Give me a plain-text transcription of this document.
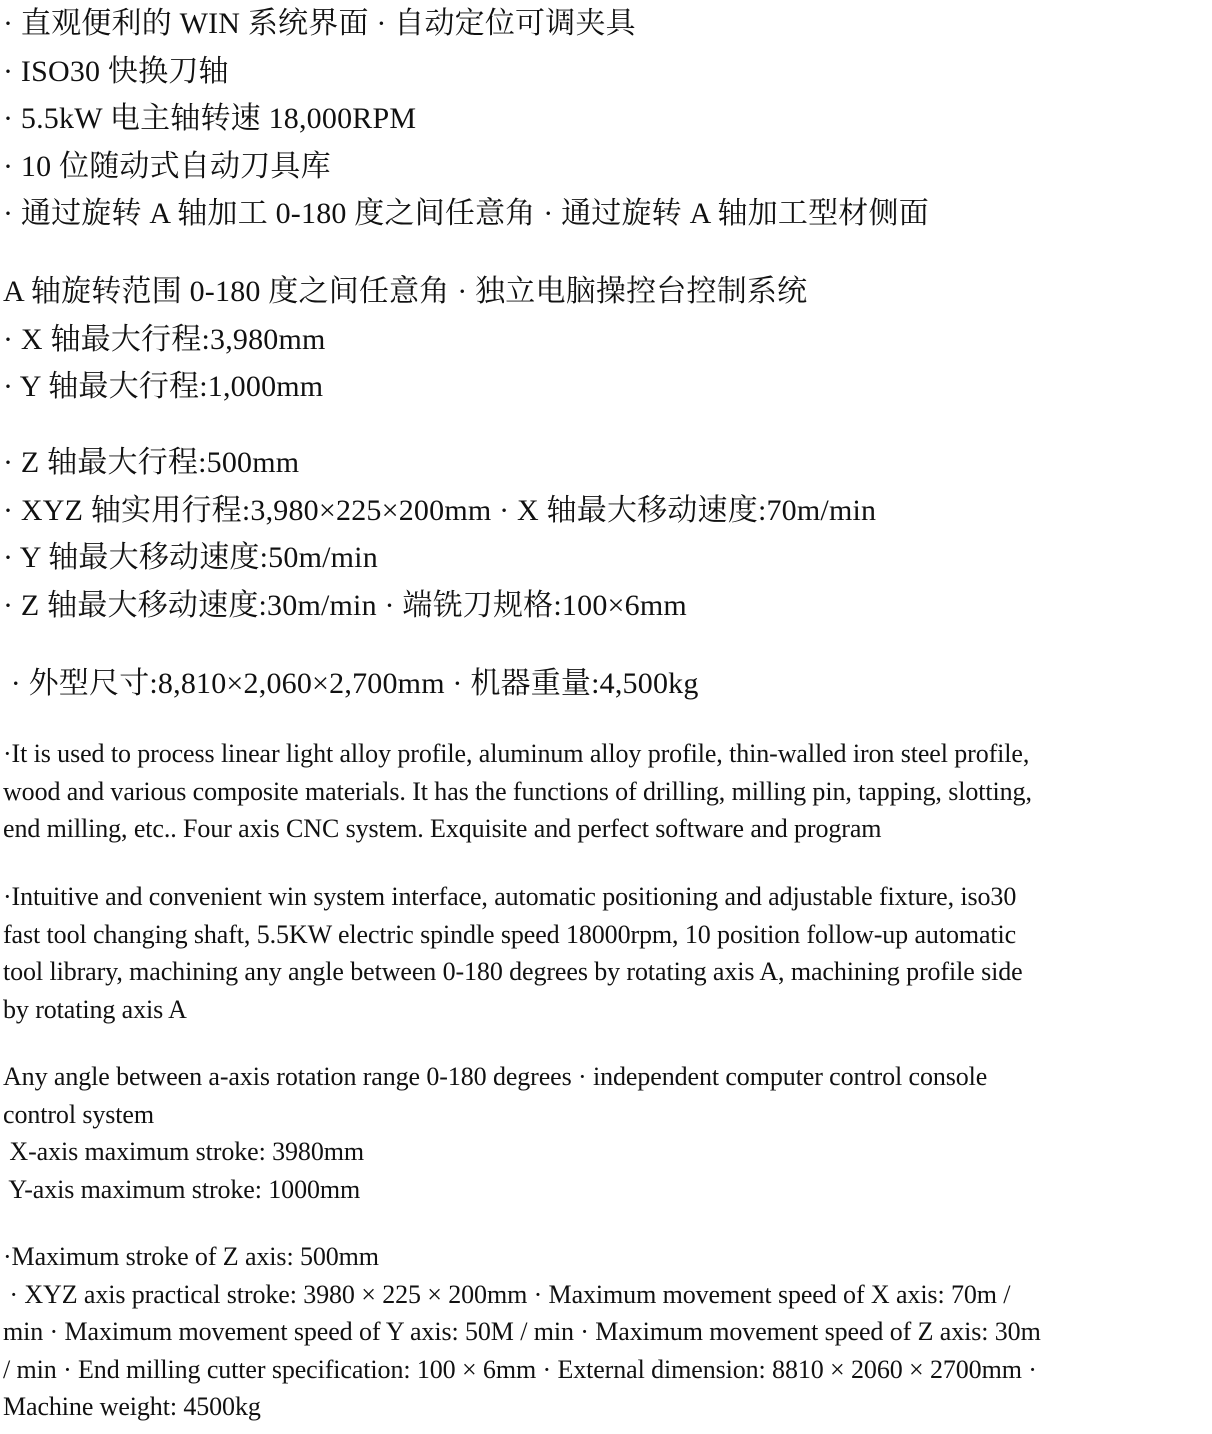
· 直观便利的 WIN 系统界面 · 自动定位可调夹具
· ISO30 快换刀轴
· 5.5kW 电主轴转速 18,000RPM
· 10 位随动式自动刀具库
· 通过旋转 A 轴加工 0-180 度之间任意角 · 通过旋转 A 轴加工型材侧面
A 轴旋转范围 0-180 度之间任意角 · 独立电脑操控台控制系统
· X 轴最大行程:3,980mm
· Y 轴最大行程:1,000mm
· Z 轴最大行程:500mm
· XYZ 轴实用行程:3,980×225×200mm · X 轴最大移动速度:70m/min
· Y 轴最大移动速度:50m/min
· Z 轴最大移动速度:30m/min · 端铣刀规格:100×6mm
· 外型尺寸:8,810×2,060×2,700mm · 机器重量:4,500kg
·It is used to process linear light alloy profile, aluminum alloy profile, thin-walled iron steel profile,
wood and various composite materials. It has the functions of drilling, milling pin, tapping, slotting,
end milling, etc.. Four axis CNC system. Exquisite and perfect software and program
·Intuitive and convenient win system interface, automatic positioning and adjustable fixture, iso30
fast tool changing shaft, 5.5KW electric spindle speed 18000rpm, 10 position follow-up automatic
tool library, machining any angle between 0-180 degrees by rotating axis A, machining profile side
by rotating axis A
Any angle between a-axis rotation range 0-180 degrees · independent computer control console
control system
X-axis maximum stroke: 3980mm
Y-axis maximum stroke: 1000mm
·Maximum stroke of Z axis: 500mm
· XYZ axis practical stroke: 3980 × 225 × 200mm · Maximum movement speed of X axis: 70m /
min · Maximum movement speed of Y axis: 50M / min · Maximum movement speed of Z axis: 30m
/ min · End milling cutter specification: 100 × 6mm · External dimension: 8810 × 2060 × 2700mm ·
Machine weight: 4500kg
